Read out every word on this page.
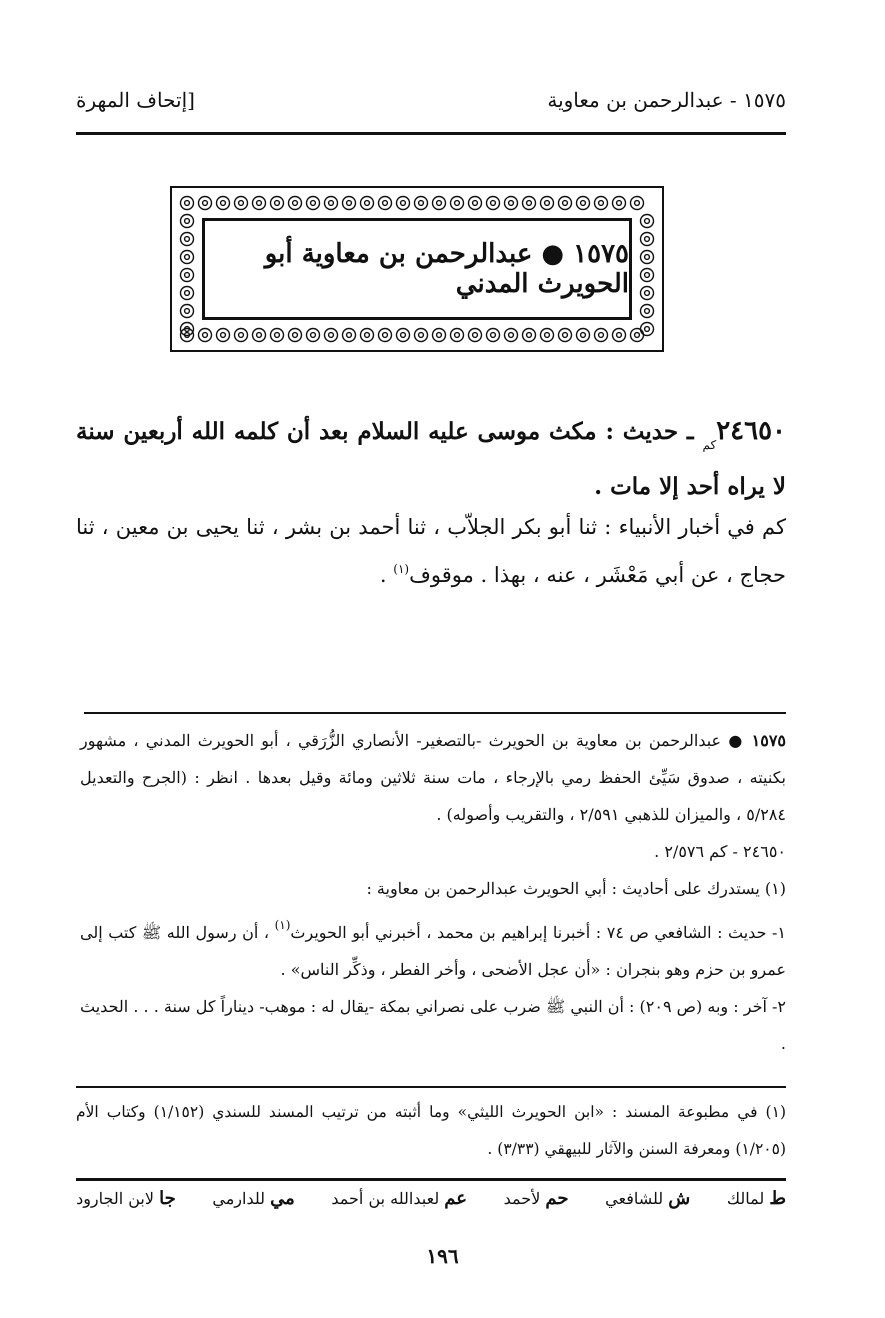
١٥٧٥ - عبدالرحمن بن معاوية
[إتحاف المهرة
١٥٧٥ ● عبدالرحمن بن معاوية أبو الحويرث المدني
$٢٤٦٥٠_{كم}$ ـ حديث : مكث موسى عليه السلام بعد أن كلمه الله أربعين سنة لا يراه أحد إلا مات .
كم في أخبار الأنبياء : ثنا أبو بكر الجلاّب ، ثنا أحمد بن بشر ، ثنا يحيى بن معين ، ثنا حجاج ، عن أبي مَعْشَر ، عنه ، بهذا . موقوف$^{(١)}$ .

١٥٧٥ ● عبدالرحمن بن معاوية بن الحويرث -بالتصغير- الأنصاري الزُّرَقي ، أبو الحويرث المدني ، مشهور بكنيته ، صدوق سَيِّئ الحفظ رمي بالإرجاء ، مات سنة ثلاثين ومائة وقيل بعدها . انظر : (الجرح والتعديل ٥/٢٨٤ ، والميزان للذهبي ٢/٥٩١ ، والتقريب وأصوله) .

٢٤٦٥٠ - كم ٢/٥٧٦ .

(١) يستدرك على أحاديث : أبي الحويرث عبدالرحمن بن معاوية :

١- حديث : الشافعي ص ٧٤ : أخبرنا إبراهيم بن محمد ، أخبرني أبو الحويرث$^{(١)}$ ، أن رسول الله ﷺ كتب إلى عمرو بن حزم وهو بنجران : «أن عجل الأضحى ، وأخر الفطر ، وذكِّر الناس» .

٢- آخر : وبه (ص ٢٠٩) : أن النبي ﷺ ضرب على نصراني بمكة -يقال له : موهب- ديناراً كل سنة . . . الحديث .

(١) في مطبوعة المسند : «ابن الحويرث الليثي» وما أثبته من ترتيب المسند للسندي (١/١٥٢) وكتاب الأم (١/٢٠٥) ومعرفة السنن والآثار للبيهقي (٣/٣٣) .

ط لمالك
ش للشافعي
حم لأحمد
عم لعبدالله بن أحمد
مي للدارمي
جا لابن الجارود
١٩٦
